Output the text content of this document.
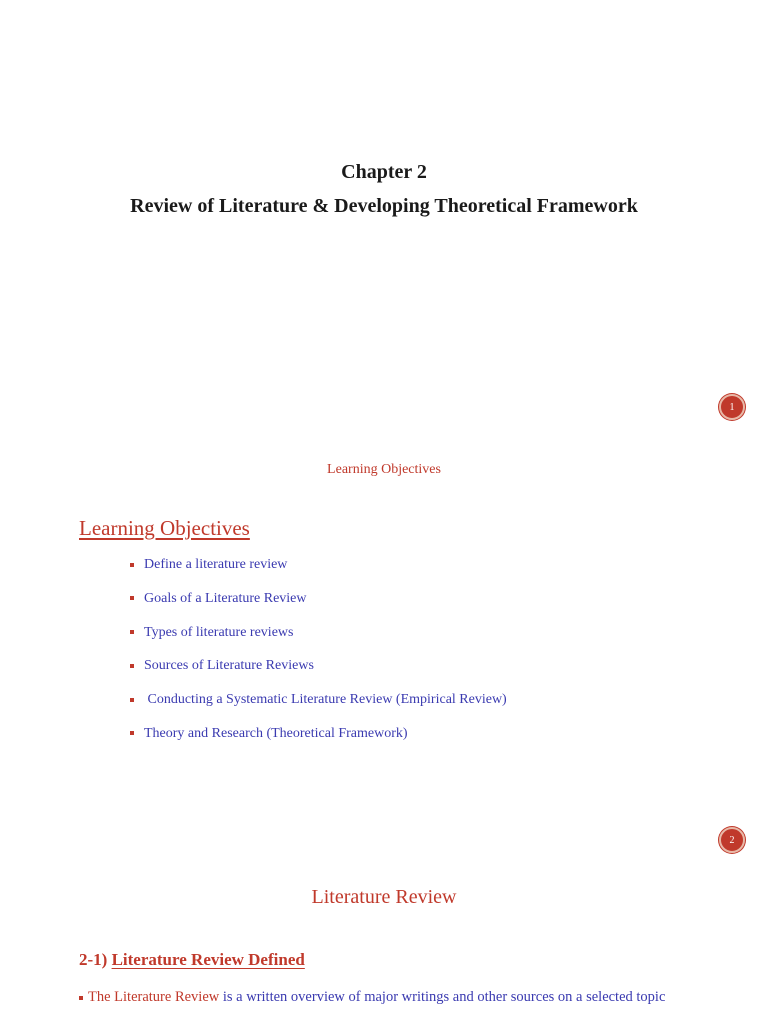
Chapter 2
Review of Literature & Developing Theoretical Framework
1
Learning Objectives
Learning Objectives
Define a literature review
Goals of a Literature Review
Types of literature reviews
Sources of Literature Reviews
Conducting a Systematic Literature Review (Empirical Review)
Theory and Research (Theoretical Framework)
2
Literature Review
2-1) Literature Review Defined
The Literature Review is a written overview of major writings and other sources on a selected topic
